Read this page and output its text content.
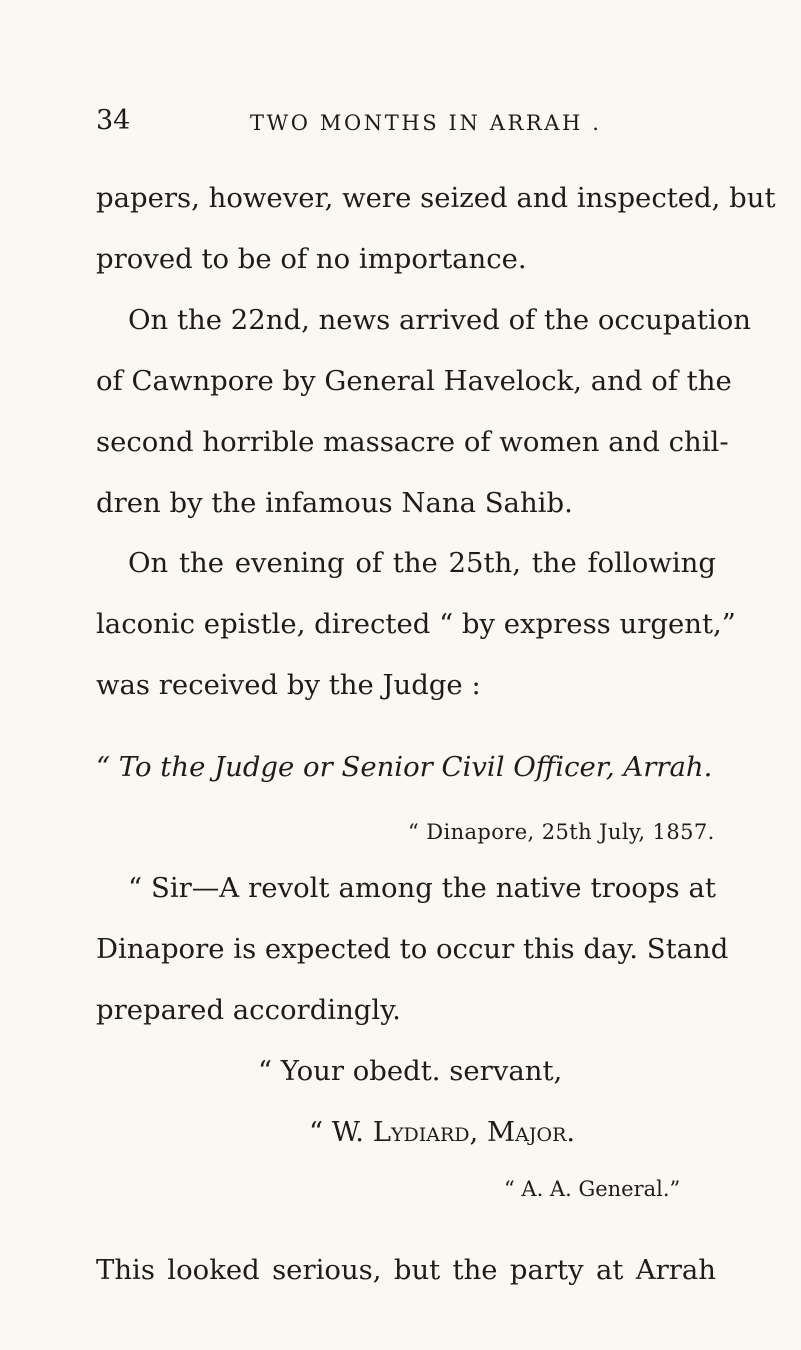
34	TWO MONTHS IN ARRAH .
papers, however, were seized and inspected, but
proved to be of no importance.
On the 22nd, news arrived of the occupation
of Cawnpore by General Havelock, and of the
second horrible massacre of women and chil-
dren by the infamous Nana Sahib.
On the evening of the 25th, the following
laconic epistle, directed “ by express urgent,”
was received by the Judge :
“ To the Judge or Senior Civil Officer, Arrah.
“ Dinapore, 25th July, 1857.
“ Sir—A revolt among the native troops at
Dinapore is expected to occur this day. Stand
prepared accordingly.
“ Your obedt. servant,
“ W. Lydiard, Major.
“ A. A. General.”
This looked serious, but the party at Arrah
